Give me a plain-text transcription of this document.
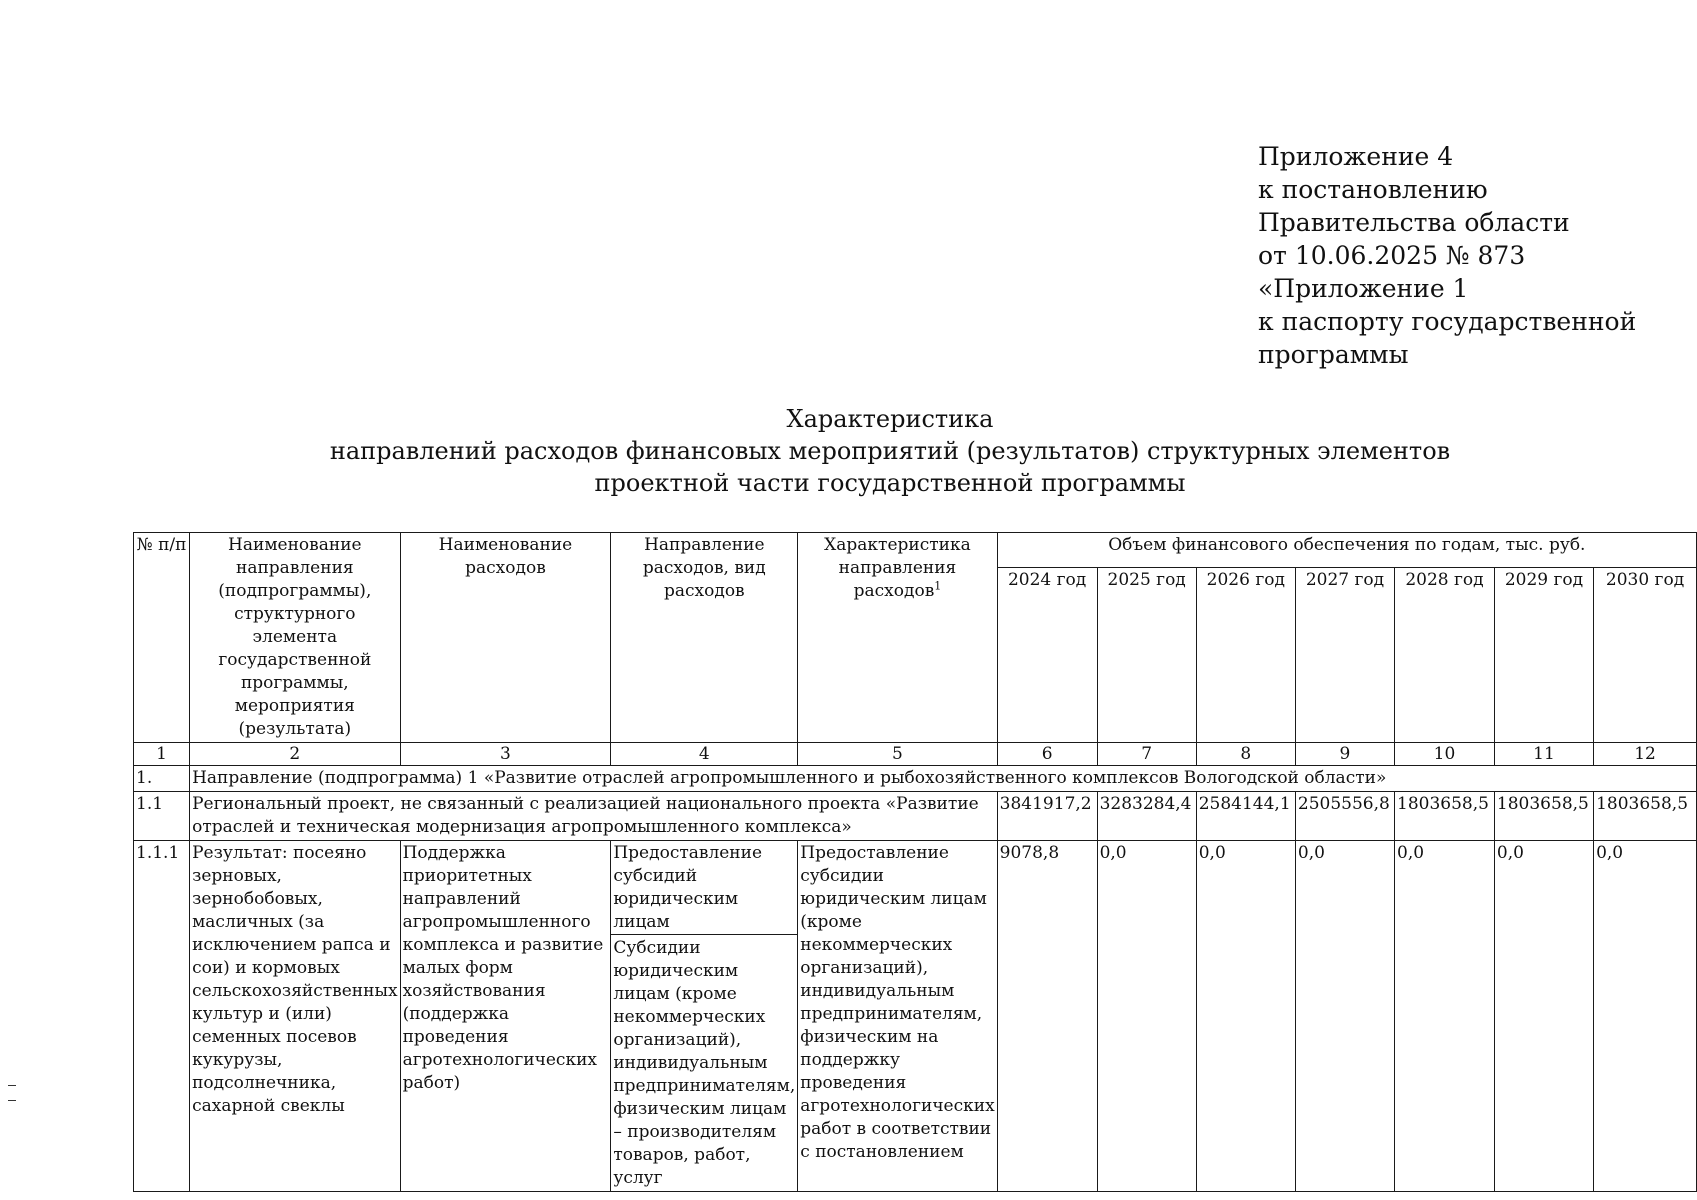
Приложение 4
к постановлению
Правительства области
от 10.06.2025 № 873
«Приложение 1
к паспорту государственной
программы
Характеристика
направлений расходов финансовых мероприятий (результатов) структурных элементов
проектной части государственной программы
№ п/п	Наименование направления (подпрограммы), структурного элемента государственной программы, мероприятия (результата)	Наименование расходов	Направление расходов, вид расходов	Характеристика направления расходов$^1$	Объем финансового обеспечения по годам, тыс. руб.						
					2024 год	2025 год	2026 год	2027 год	2028 год	2029 год	2030 год
1	2	3	4	5	6	7	8	9	10	11	12
1.	Направление (подпрограмма) 1 «Развитие отраслей агропромышленного и рыбохозяйственного комплексов Вологодской области»										
1.1	Региональный проект, не связанный с реализацией национального проекта «Развитие отраслей и техническая модернизация агропромышленного комплекса»				3841917,2	3283284,4	2584144,1	2505556,8	1803658,5	1803658,5	1803658,5
1.1.1	Результат: посеяно зерновых, зернобобовых, масличных (за исключением рапса и сои) и кормовых сельскохозяйственных культур и (или) семенных посевов кукурузы, подсолнечника, сахарной свеклы	Поддержка приоритетных направлений агропромышленного комплекса и развитие малых форм хозяйствования (поддержка проведения агротехнологических работ)	Предоставление субсидий юридическим лицам
Субсидии юридическим лицам (кроме некоммерческих организаций), индивидуальным предпринимателям, физическим лицам – производителям товаров, работ, услуг	Предоставление субсидии юридическим лицам (кроме некоммерческих организаций), индивидуальным предпринимателям, физическим на поддержку проведения агротехнологических работ в соответствии с постановлением	9078,8	0,0	0,0	0,0	0,0	0,0	0,0
